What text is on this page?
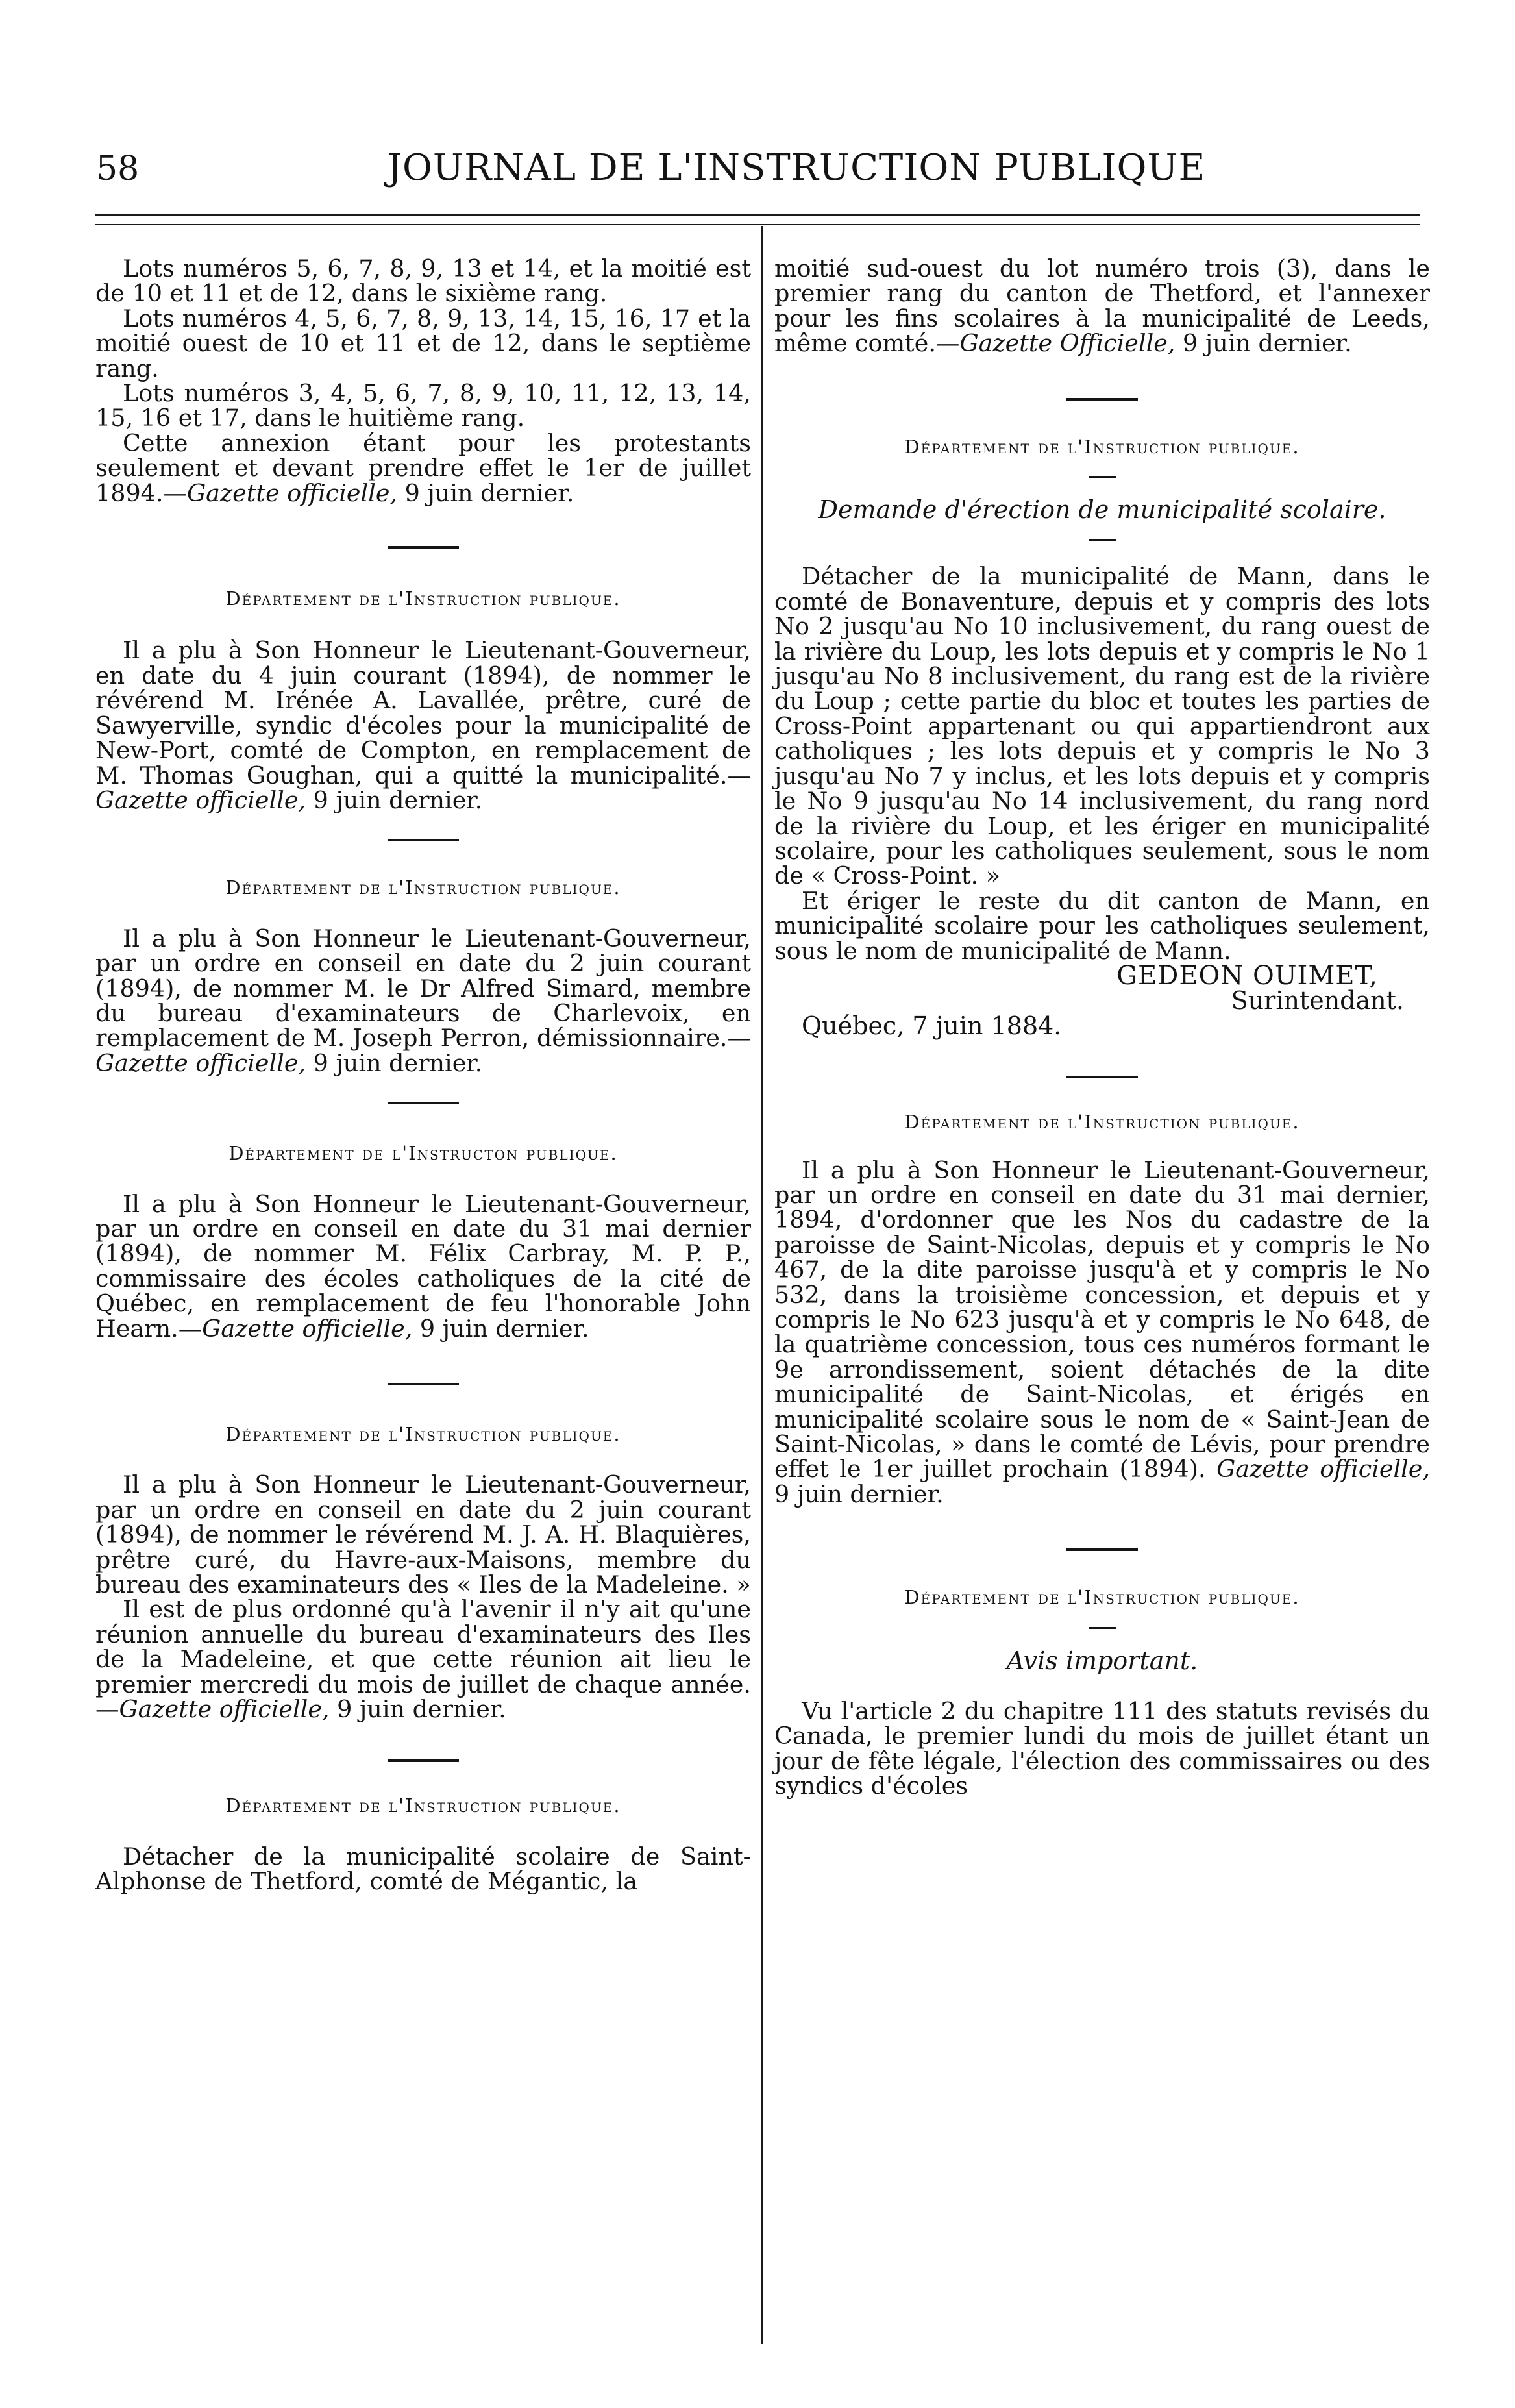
58	JOURNAL DE L'INSTRUCTION PUBLIQUE

Lots numéros 5, 6, 7, 8, 9, 13 et 14, et la moitié est de 10 et 11 et de 12, dans le sixième rang.

Lots numéros 4, 5, 6, 7, 8, 9, 13, 14, 15, 16, 17 et la moitié ouest de 10 et 11 et de 12, dans le septième rang.

Lots numéros 3, 4, 5, 6, 7, 8, 9, 10, 11, 12, 13, 14, 15, 16 et 17, dans le huitième rang.

Cette annexion étant pour les protestants seulement et devant prendre effet le 1er de juillet 1894.—Gazette officielle, 9 juin dernier.

Département de l'Instruction publique.

Il a plu à Son Honneur le Lieutenant-Gouverneur, en date du 4 juin courant (1894), de nommer le révérend M. Irénée A. Lavallée, prêtre, curé de Sawyerville, syndic d'écoles pour la municipalité de New-Port, comté de Compton, en remplacement de M. Thomas Goughan, qui a quitté la municipalité.—Gazette officielle, 9 juin dernier.

Département de l'Instruction publique.

Il a plu à Son Honneur le Lieutenant-Gouverneur, par un ordre en conseil en date du 2 juin courant (1894), de nommer M. le Dr Alfred Simard, membre du bureau d'examinateurs de Charlevoix, en remplacement de M. Joseph Perron, démissionnaire.—Gazette officielle, 9 juin dernier.

Département de l'Instructon publique.

Il a plu à Son Honneur le Lieutenant-Gouverneur, par un ordre en conseil en date du 31 mai dernier (1894), de nommer M. Félix Carbray, M. P. P., commissaire des écoles catholiques de la cité de Québec, en remplacement de feu l'honorable John Hearn.—Gazette officielle, 9 juin dernier.

Département de l'Instruction publique.

Il a plu à Son Honneur le Lieutenant-Gouverneur, par un ordre en conseil en date du 2 juin courant (1894), de nommer le révérend M. J. A. H. Blaquières, prêtre curé, du Havre-aux-Maisons, membre du bureau des examinateurs des « Iles de la Madeleine. »

Il est de plus ordonné qu'à l'avenir il n'y ait qu'une réunion annuelle du bureau d'examinateurs des Iles de la Madeleine, et que cette réunion ait lieu le premier mercredi du mois de juillet de chaque année.—Gazette officielle, 9 juin dernier.

Département de l'Instruction publique.

Détacher de la municipalité scolaire de Saint-Alphonse de Thetford, comté de Mégantic, la

moitié sud-ouest du lot numéro trois (3), dans le premier rang du canton de Thetford, et l'annexer pour les fins scolaires à la municipalité de Leeds, même comté.—Gazette Officielle, 9 juin dernier.

Département de l'Instruction publique.

Demande d'érection de municipalité scolaire.

Détacher de la municipalité de Mann, dans le comté de Bonaventure, depuis et y compris des lots No 2 jusqu'au No 10 inclusivement, du rang ouest de la rivière du Loup, les lots depuis et y compris le No 1 jusqu'au No 8 inclusivement, du rang est de la rivière du Loup ; cette partie du bloc et toutes les parties de Cross-Point appartenant ou qui appartiendront aux catholiques ; les lots depuis et y compris le No 3 jusqu'au No 7 y inclus, et les lots depuis et y compris le No 9 jusqu'au No 14 inclusivement, du rang nord de la rivière du Loup, et les ériger en municipalité scolaire, pour les catholiques seulement, sous le nom de « Cross-Point. »

Et ériger le reste du dit canton de Mann, en municipalité scolaire pour les catholiques seulement, sous le nom de municipalité de Mann.

GEDEON OUIMET,

Surintendant.

Québec, 7 juin 1884.

Département de l'Instruction publique.

Il a plu à Son Honneur le Lieutenant-Gouverneur, par un ordre en conseil en date du 31 mai dernier, 1894, d'ordonner que les Nos du cadastre de la paroisse de Saint-Nicolas, depuis et y compris le No 467, de la dite paroisse jusqu'à et y compris le No 532, dans la troisième concession, et depuis et y compris le No 623 jusqu'à et y compris le No 648, de la quatrième concession, tous ces numéros formant le 9e arrondissement, soient détachés de la dite municipalité de Saint-Nicolas, et érigés en municipalité scolaire sous le nom de « Saint-Jean de Saint-Nicolas, » dans le comté de Lévis, pour prendre effet le 1er juillet prochain (1894). Gazette officielle, 9 juin dernier.

Département de l'Instruction publique.

Avis important.

Vu l'article 2 du chapitre 111 des statuts revisés du Canada, le premier lundi du mois de juillet étant un jour de fête légale, l'élection des commissaires ou des syndics d'écoles
